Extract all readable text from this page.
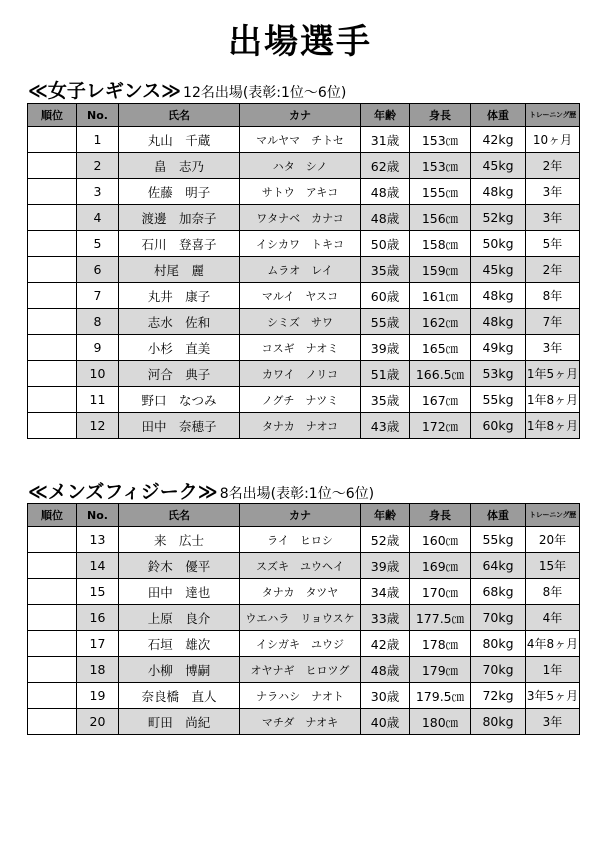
出場選手
≪女子レギンス≫ 12名出場(表彰:1位～6位)
順位	No.	氏名	カナ	年齢	身長	体重	トレーニング歴
	1	丸山　千蔵	マルヤマ　チトセ	31歳	153㎝	42kg	10ヶ月
	2	畠　志乃	ハタ　シノ	62歳	153㎝	45kg	2年
	3	佐藤　明子	サトウ　アキコ	48歳	155㎝	48kg	3年
	4	渡邊　加奈子	ワタナベ　カナコ	48歳	156㎝	52kg	3年
	5	石川　登喜子	イシカワ　トキコ	50歳	158㎝	50kg	5年
	6	村尾　麗	ムラオ　レイ	35歳	159㎝	45kg	2年
	7	丸井　康子	マルイ　ヤスコ	60歳	161㎝	48kg	8年
	8	志水　佐和	シミズ　サワ	55歳	162㎝	48kg	7年
	9	小杉　直美	コスギ　ナオミ	39歳	165㎝	49kg	3年
	10	河合　典子	カワイ　ノリコ	51歳	166.5㎝	53kg	1年5ヶ月
	11	野口　なつみ	ノグチ　ナツミ	35歳	167㎝	55kg	1年8ヶ月
	12	田中　奈穂子	タナカ　ナオコ	43歳	172㎝	60kg	1年8ヶ月
≪メンズフィジーク≫ 8名出場(表彰:1位～6位)
順位	No.	氏名	カナ	年齢	身長	体重	トレーニング歴
	13	来　広士	ライ　ヒロシ	52歳	160㎝	55kg	20年
	14	鈴木　優平	スズキ　ユウヘイ	39歳	169㎝	64kg	15年
	15	田中　達也	タナカ　タツヤ	34歳	170㎝	68kg	8年
	16	上原　良介	ウエハラ　リョウスケ	33歳	177.5㎝	70kg	4年
	17	石垣　雄次	イシガキ　ユウジ	42歳	178㎝	80kg	4年8ヶ月
	18	小柳　博嗣	オヤナギ　ヒロツグ	48歳	179㎝	70kg	1年
	19	奈良橋　直人	ナラハシ　ナオト	30歳	179.5㎝	72kg	3年5ヶ月
	20	町田　尚紀	マチダ　ナオキ	40歳	180㎝	80kg	3年
